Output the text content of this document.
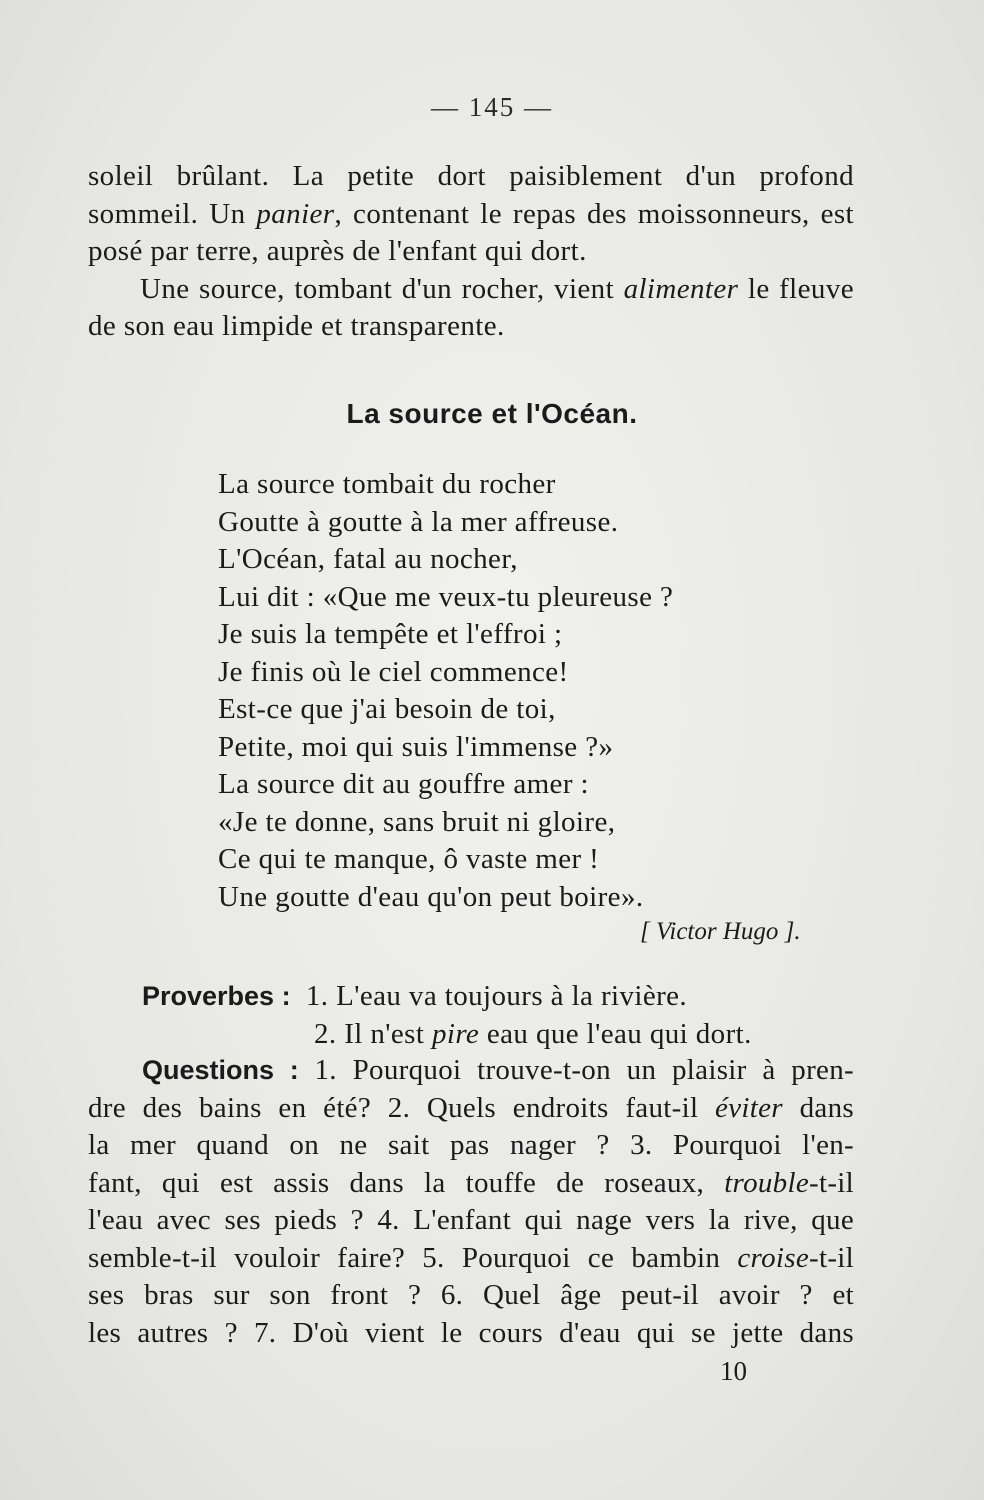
— 145 —

soleil brûlant. La petite dort paisiblement d'un profond sommeil. Un panier, contenant le repas des moissonneurs, est posé par terre, auprès de l'enfant qui dort.

Une source, tombant d'un rocher, vient alimenter le fleuve de son eau limpide et transparente.

La source et l'Océan.
La source tombait du rocher
Goutte à goutte à la mer affreuse.
L'Océan, fatal au nocher,
Lui dit : «Que me veux-tu pleureuse ?
Je suis la tempête et l'effroi ;
Je finis où le ciel commence!
Est-ce que j'ai besoin de toi,
Petite, moi qui suis l'immense ?»
La source dit au gouffre amer :
«Je te donne, sans bruit ni gloire,
Ce qui te manque, ô vaste mer !
Une goutte d'eau qu'on peut boire».
[ Victor Hugo ].
Proverbes : 1. L'eau va toujours à la rivière.
2. Il n'est pire eau que l'eau qui dort.
Questions : 1. Pourquoi trouve-t-on un plaisir à pren-
dre des bains en été? 2. Quels endroits faut-il éviter dans
la mer quand on ne sait pas nager ? 3. Pourquoi l'en-
fant, qui est assis dans la touffe de roseaux, trouble-t-il
l'eau avec ses pieds ? 4. L'enfant qui nage vers la rive, que
semble-t-il vouloir faire? 5. Pourquoi ce bambin croise-t-il
ses bras sur son front ? 6. Quel âge peut-il avoir ? et
les autres ? 7. D'où vient le cours d'eau qui se jette dans
10
